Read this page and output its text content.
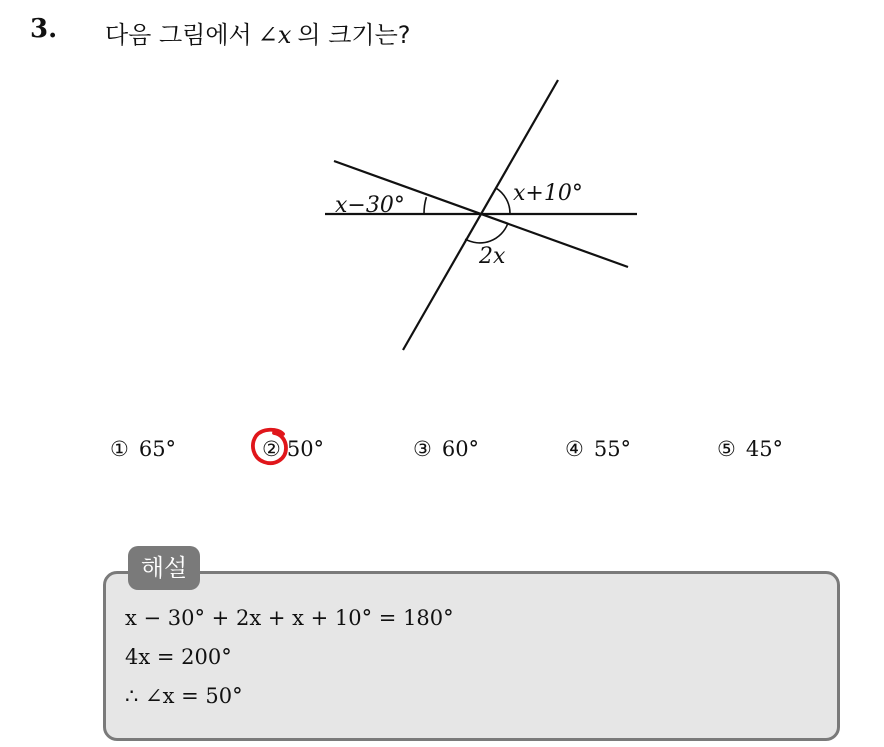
3. 다음 그림에서 ∠x 의 크기는?
x−30°	x+10°
2x
① 65°	② 50°	③ 60°	④ 55°	⑤ 45°
해설
x − 30° + 2x + x + 10° = 180°
4x = 200°
∴ ∠x = 50°
